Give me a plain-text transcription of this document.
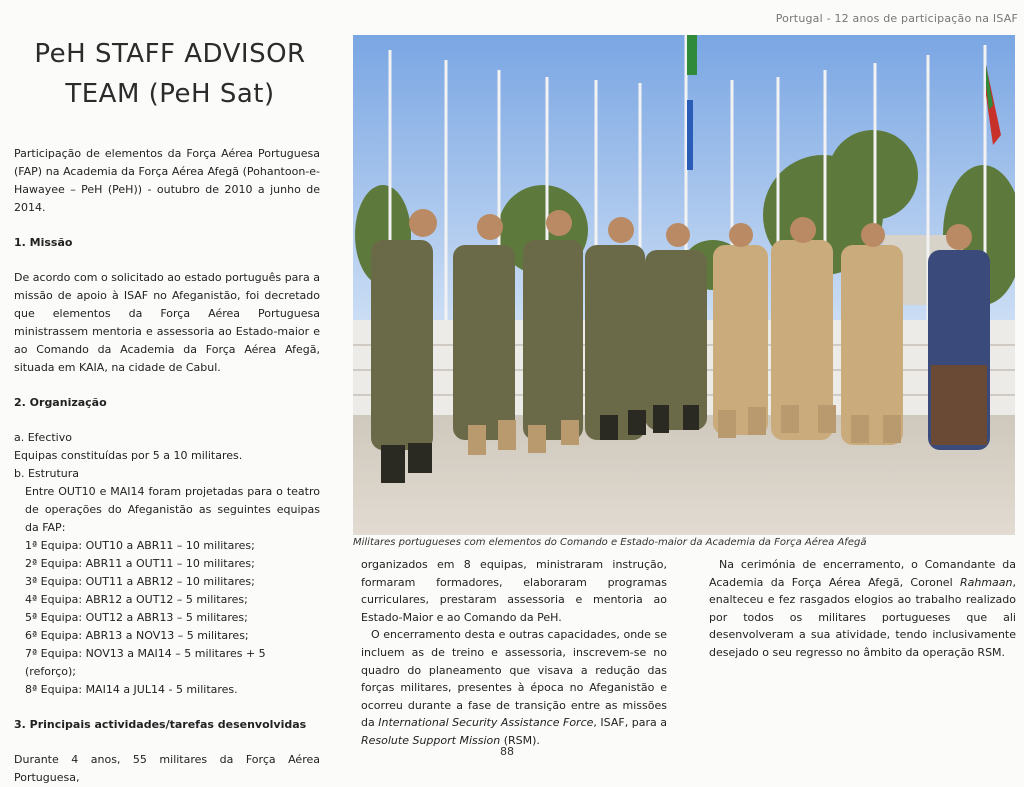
Portugal - 12 anos de participação na ISAF
PeH STAFF ADVISOR
TEAM (PeH Sat)

Participação de elementos da Força Aérea Portuguesa (FAP) na Academia da Força Aérea Afegã (Pohantoon-e-Hawayee – PeH (PeH)) - outubro de 2010 a junho de 2014.

1. Missão

De acordo com o solicitado ao estado português para a missão de apoio à ISAF no Afeganistão, foi decretado que elementos da Força Aérea Portuguesa ministrassem mentoria e assessoria ao Estado-maior e ao Comando da Academia da Força Aérea Afegã, situada em KAIA, na cidade de Cabul.

2. Organização
a. Efectivo
Equipas constituídas por 5 a 10 militares.
b. Estrutura

Entre OUT10 e MAI14 foram projetadas para o teatro de operações do Afeganistão as seguintes equipas da FAP:

1ª Equipa: OUT10 a ABR11 – 10 militares;
2ª Equipa: ABR11 a OUT11 – 10 militares;
3ª Equipa: OUT11 a ABR12 – 10 militares;
4ª Equipa: ABR12 a OUT12 – 5 militares;
5ª Equipa: OUT12 a ABR13 – 5 militares;
6ª Equipa: ABR13 a NOV13 – 5 militares;
7ª Equipa: NOV13 a MAI14 – 5 militares + 5 (reforço);
8ª Equipa: MAI14 a JUL14 - 5 militares.
3. Principais actividades/tarefas desenvolvidas

Durante 4 anos, 55 militares da Força Aérea Portuguesa,

Militares portugueses com elementos do Comando e Estado-maior da Academia da Força Aérea Afegã

organizados em 8 equipas, ministraram instrução, formaram formadores, elaboraram programas curriculares, prestaram assessoria e mentoria ao Estado-Maior e ao Comando da PeH.

O encerramento desta e outras capacidades, onde se incluem as de treino e assessoria, inscrevem-se no quadro do planeamento que visava a redução das forças militares, presentes à época no Afeganistão e ocorreu durante a fase de transição entre as missões da International Security Assistance Force, ISAF, para a Resolute Support Mission (RSM).

Na cerimónia de encerramento, o Comandante da Academia da Força Aérea Afegã, Coronel Rahmaan, enalteceu e fez rasgados elogios ao trabalho realizado por todos os militares portugueses que ali desenvolveram a sua atividade, tendo inclusivamente desejado o seu regresso no âmbito da operação RSM.

88
